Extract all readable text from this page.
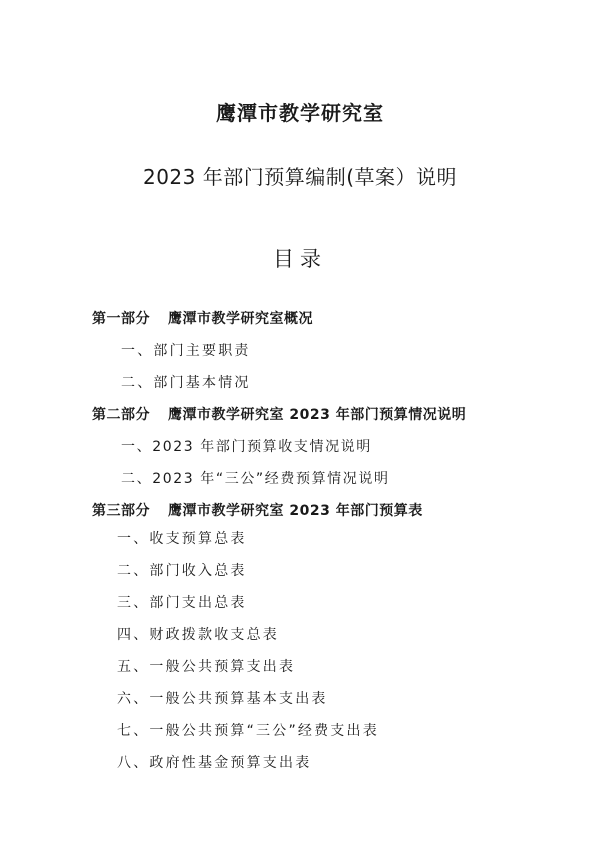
鹰潭市教学研究室
2023 年部门预算编制(草案）说明
目录
第一部分 鹰潭市教学研究室概况
一、部门主要职责
二、部门基本情况
第二部分 鹰潭市教学研究室 2023 年部门预算情况说明
一、2023 年部门预算收支情况说明
二、2023 年“三公”经费预算情况说明
第三部分 鹰潭市教学研究室 2023 年部门预算表
一、收支预算总表
二、部门收入总表
三、部门支出总表
四、财政拨款收支总表
五、一般公共预算支出表
六、一般公共预算基本支出表
七、一般公共预算“三公”经费支出表
八、政府性基金预算支出表
